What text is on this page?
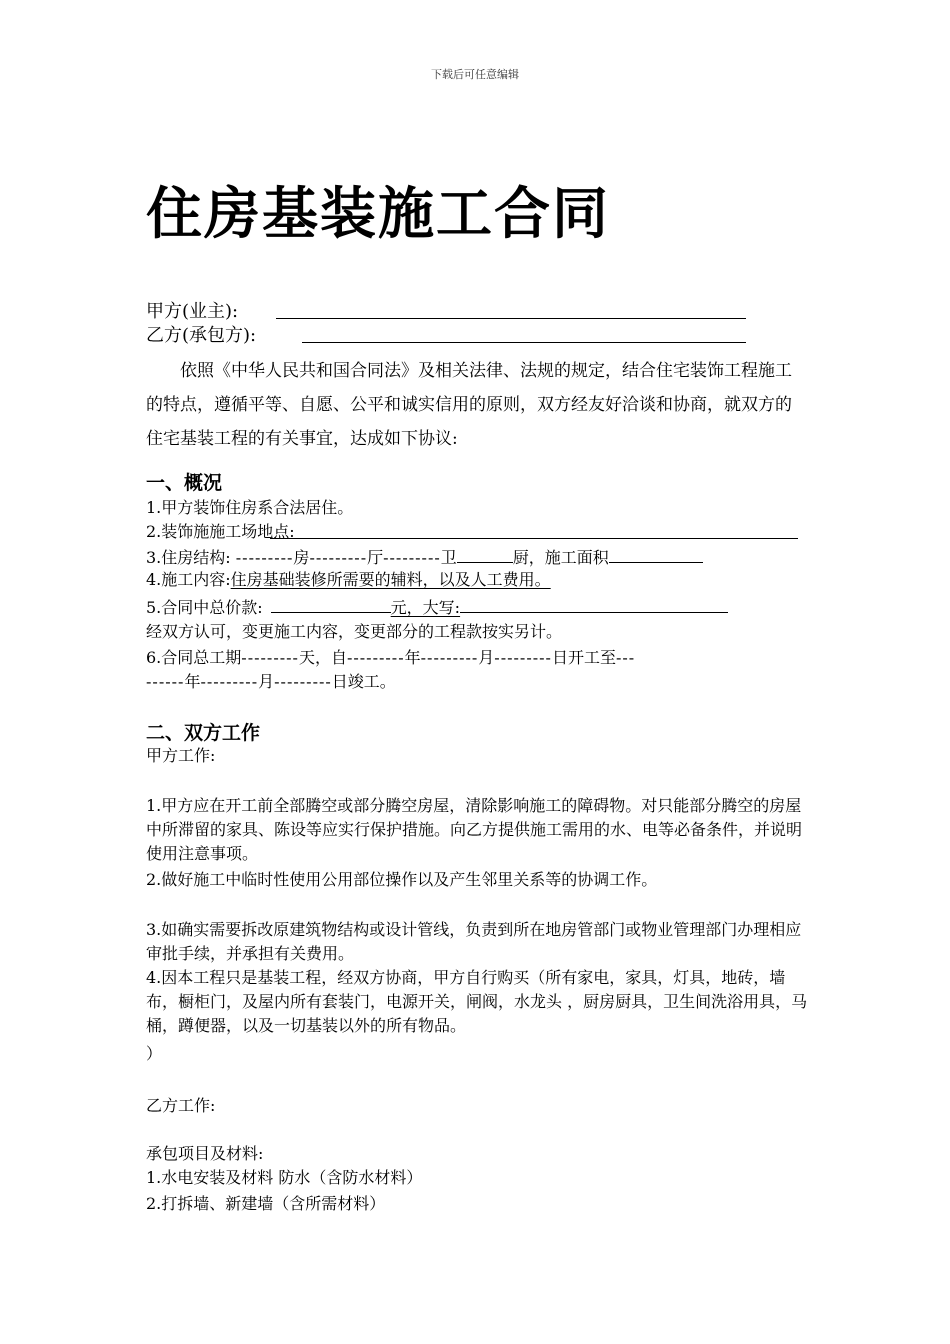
下载后可任意编辑
住房基装施工合同
甲方(业主):
乙方(承包方):
依照《中华人民共和国合同法》及相关法律、法规的规定，结合住宅装饰工程施工的特点，遵循平等、自愿、公平和诚实信用的原则，双方经友好洽谈和协商，就双方的住宅基装工程的有关事宜，达成如下协议:
一、概况
1.甲方装饰住房系合法居住。
2.装饰施施工场地点:
3.住房结构: ---------房---------厅---------卫	厨，施工面积
4.施工内容:住房基础装修所需要的辅料，以及人工费用。
5.合同中总价款:	元，大写:
经双方认可，变更施工内容，变更部分的工程款按实另计。
6.合同总工期---------天，自---------年---------月---------日开工至---
------年---------月---------日竣工。
二、双方工作
甲方工作:
1.甲方应在开工前全部腾空或部分腾空房屋，清除影响施工的障碍物。对只能部分腾空的房屋中所滞留的家具、陈设等应实行保护措施。向乙方提供施工需用的水、电等必备条件，并说明使用注意事项。
2.做好施工中临时性使用公用部位操作以及产生邻里关系等的协调工作。
3.如确实需要拆改原建筑物结构或设计管线，负责到所在地房管部门或物业管理部门办理相应审批手续，并承担有关费用。
4.因本工程只是基装工程，经双方协商，甲方自行购买（所有家电，家具，灯具，地砖，墙布，橱柜门，及屋内所有套装门，电源开关，闸阀，水龙头 ，厨房厨具，卫生间洗浴用具，马桶，蹲便器，以及一切基装以外的所有物品。
）
乙方工作:
承包项目及材料:
1.水电安装及材料 防水（含防水材料）
2.打拆墙、新建墙（含所需材料）
